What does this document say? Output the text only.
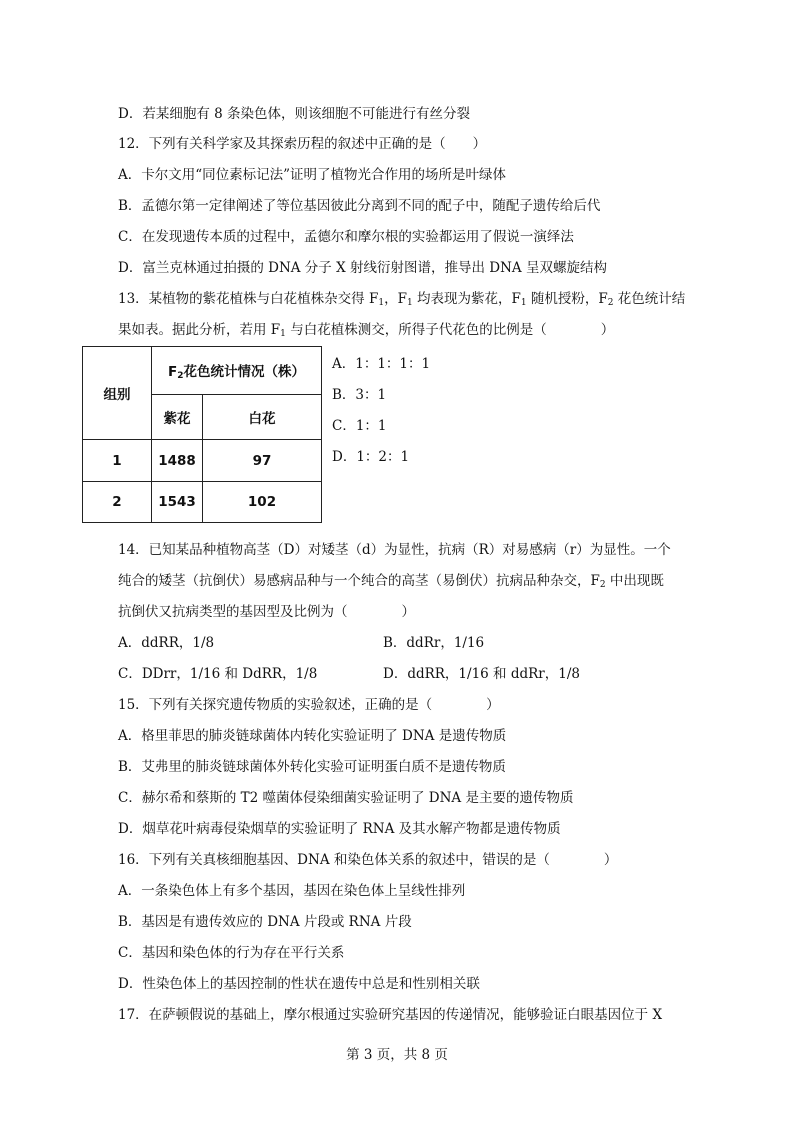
D．若某细胞有 8 条染色体，则该细胞不可能进行有丝分裂
12．下列有关科学家及其探索历程的叙述中正确的是（　　）
A．卡尔文用“同位素标记法”证明了植物光合作用的场所是叶绿体
B．孟德尔第一定律阐述了等位基因彼此分离到不同的配子中，随配子遗传给后代
C．在发现遗传本质的过程中，孟德尔和摩尔根的实验都运用了假说一演绎法
D．富兰克林通过拍摄的 DNA 分子 X 射线衍射图谱，推导出 DNA 呈双螺旋结构
13．某植物的紫花植株与白花植株杂交得 $F_1$，$F_1$ 均表现为紫花，$F_1$ 随机授粉，$F_2$ 花色统计结
果如表。据此分析，若用 $F_1$ 与白花植株测交，所得子代花色的比例是（　　　　）
组别	$F_2$花色统计情况（株）	
	紫花	白花
1	1488	97
2	1543	102
A．1：1：1：1
B．3：1
C．1：1
D．1：2：1
14．已知某品种植物高茎（D）对矮茎（d）为显性，抗病（R）对易感病（r）为显性。一个
纯合的矮茎（抗倒伏）易感病品种与一个纯合的高茎（易倒伏）抗病品种杂交，$F_2$ 中出现既
抗倒伏又抗病类型的基因型及比例为（　　　　）
A．ddRR，1/8	B．ddRr，1/16
C．DDrr，1/16 和 DdRR，1/8	D．ddRR，1/16 和 ddRr，1/8
15．下列有关探究遗传物质的实验叙述，正确的是（　　　　）
A．格里菲思的肺炎链球菌体内转化实验证明了 DNA 是遗传物质
B．艾弗里的肺炎链球菌体外转化实验可证明蛋白质不是遗传物质
C．赫尔希和蔡斯的 T2 噬菌体侵染细菌实验证明了 DNA 是主要的遗传物质
D．烟草花叶病毒侵染烟草的实验证明了 RNA 及其水解产物都是遗传物质
16．下列有关真核细胞基因、DNA 和染色体关系的叙述中，错误的是（　　　　）
A．一条染色体上有多个基因，基因在染色体上呈线性排列
B．基因是有遗传效应的 DNA 片段或 RNA 片段
C．基因和染色体的行为存在平行关系
D．性染色体上的基因控制的性状在遗传中总是和性别相关联
17．在萨顿假说的基础上，摩尔根通过实验研究基因的传递情况，能够验证白眼基因位于 X
第 3 页，共 8 页
